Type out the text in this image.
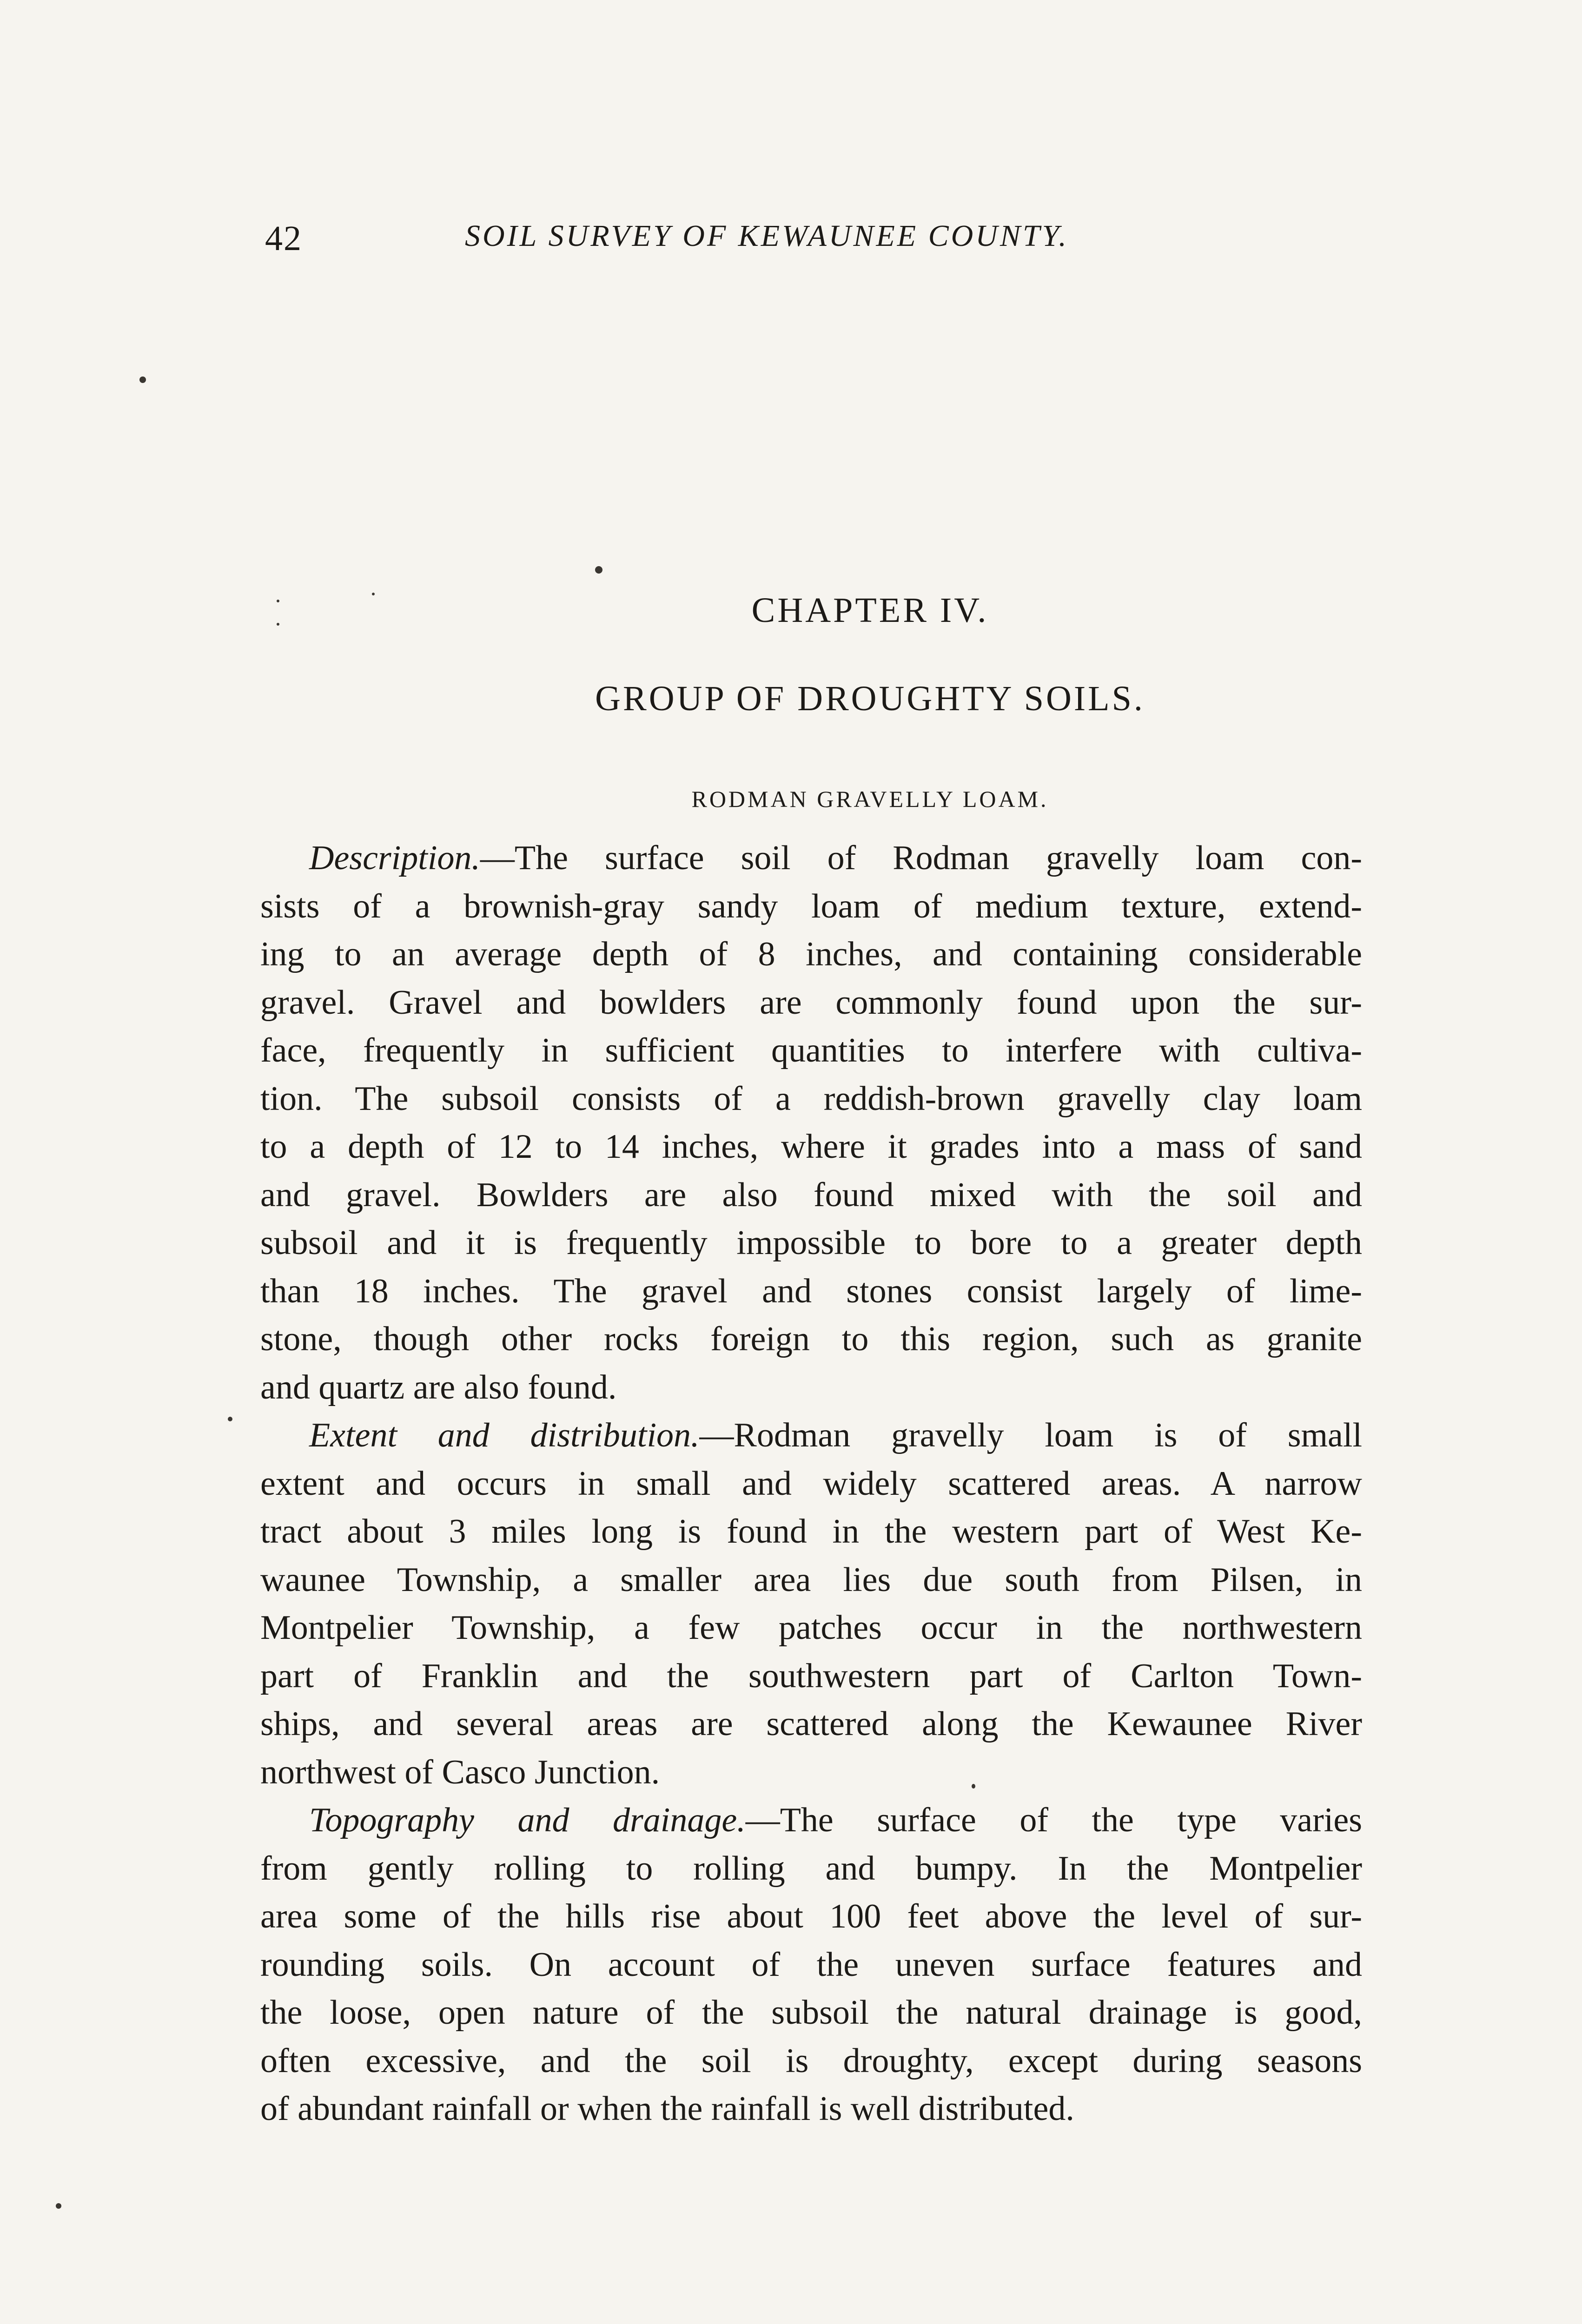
42	SOIL SURVEY OF KEWAUNEE COUNTY.
CHAPTER IV.
GROUP OF DROUGHTY SOILS.
RODMAN GRAVELLY LOAM.
Description.—The surface soil of Rodman gravelly loam con-
sists of a brownish-gray sandy loam of medium texture, extend-
ing to an average depth of 8 inches, and containing considerable
gravel. Gravel and bowlders are commonly found upon the sur-
face, frequently in sufficient quantities to interfere with cultiva-
tion. The subsoil consists of a reddish-brown gravelly clay loam
to a depth of 12 to 14 inches, where it grades into a mass of sand
and gravel. Bowlders are also found mixed with the soil and
subsoil and it is frequently impossible to bore to a greater depth
than 18 inches. The gravel and stones consist largely of lime-
stone, though other rocks foreign to this region, such as granite
and quartz are also found.
Extent and distribution.—Rodman gravelly loam is of small
extent and occurs in small and widely scattered areas. A narrow
tract about 3 miles long is found in the western part of West Ke-
waunee Township, a smaller area lies due south from Pilsen, in
Montpelier Township, a few patches occur in the northwestern
part of Franklin and the southwestern part of Carlton Town-
ships, and several areas are scattered along the Kewaunee River
northwest of Casco Junction.
Topography and drainage.—The surface of the type varies
from gently rolling to rolling and bumpy. In the Montpelier
area some of the hills rise about 100 feet above the level of sur-
rounding soils. On account of the uneven surface features and
the loose, open nature of the subsoil the natural drainage is good,
often excessive, and the soil is droughty, except during seasons
of abundant rainfall or when the rainfall is well distributed.
